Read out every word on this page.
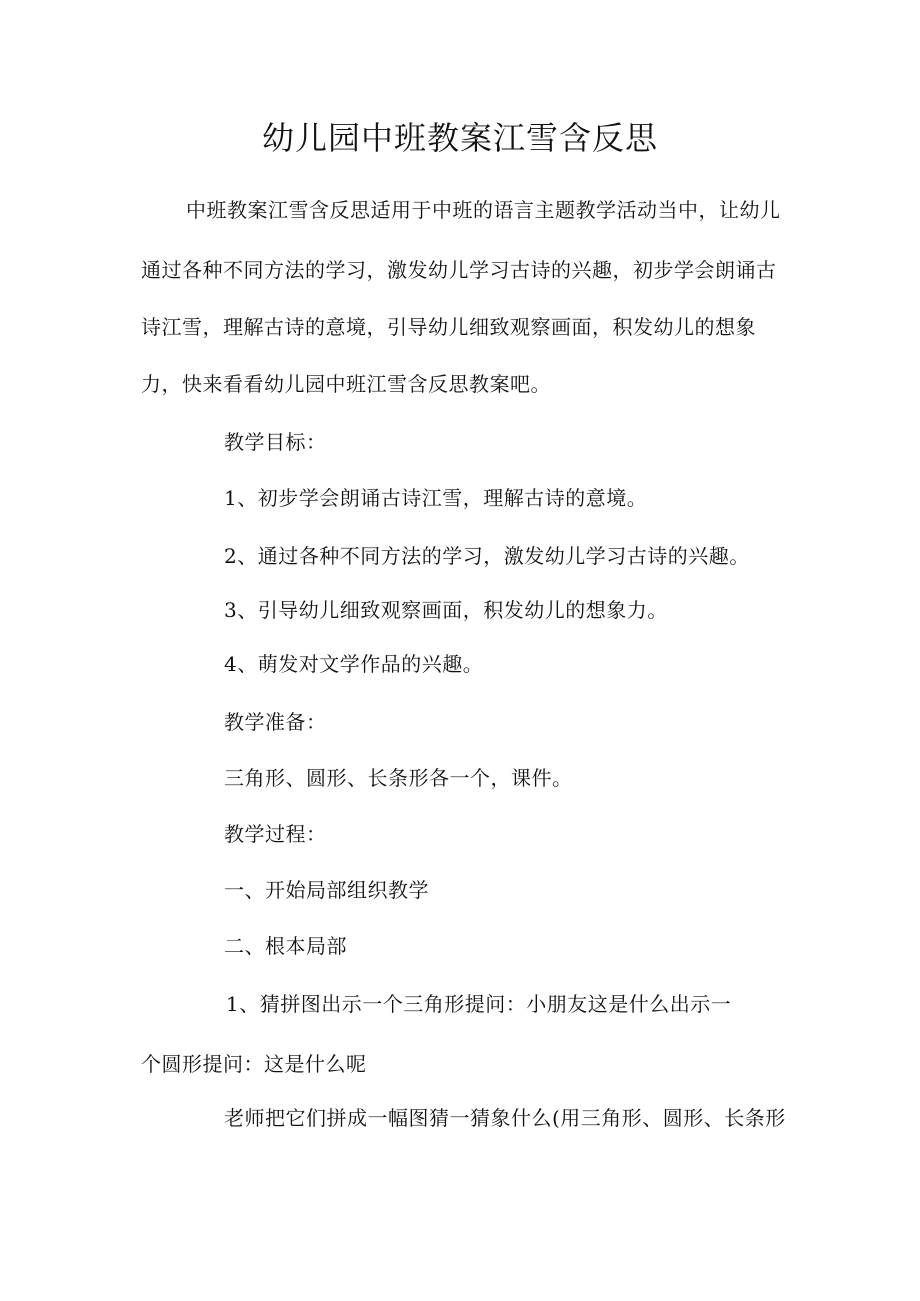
幼儿园中班教案江雪含反思
中班教案江雪含反思适用于中班的语言主题教学活动当中，让幼儿
通过各种不同方法的学习，激发幼儿学习古诗的兴趣，初步学会朗诵古
诗江雪，理解古诗的意境，引导幼儿细致观察画面，积发幼儿的想象
力，快来看看幼儿园中班江雪含反思教案吧。
教学目标：
1、初步学会朗诵古诗江雪，理解古诗的意境。
2、通过各种不同方法的学习，激发幼儿学习古诗的兴趣。
3、引导幼儿细致观察画面，积发幼儿的想象力。
4、萌发对文学作品的兴趣。
教学准备：
三角形、圆形、长条形各一个，课件。
教学过程：
一、开始局部组织教学
二、根本局部
1、猜拼图出示一个三角形提问：小朋友这是什么出示一
个圆形提问：这是什么呢
老师把它们拼成一幅图猜一猜象什么(用三角形、圆形、长条形
